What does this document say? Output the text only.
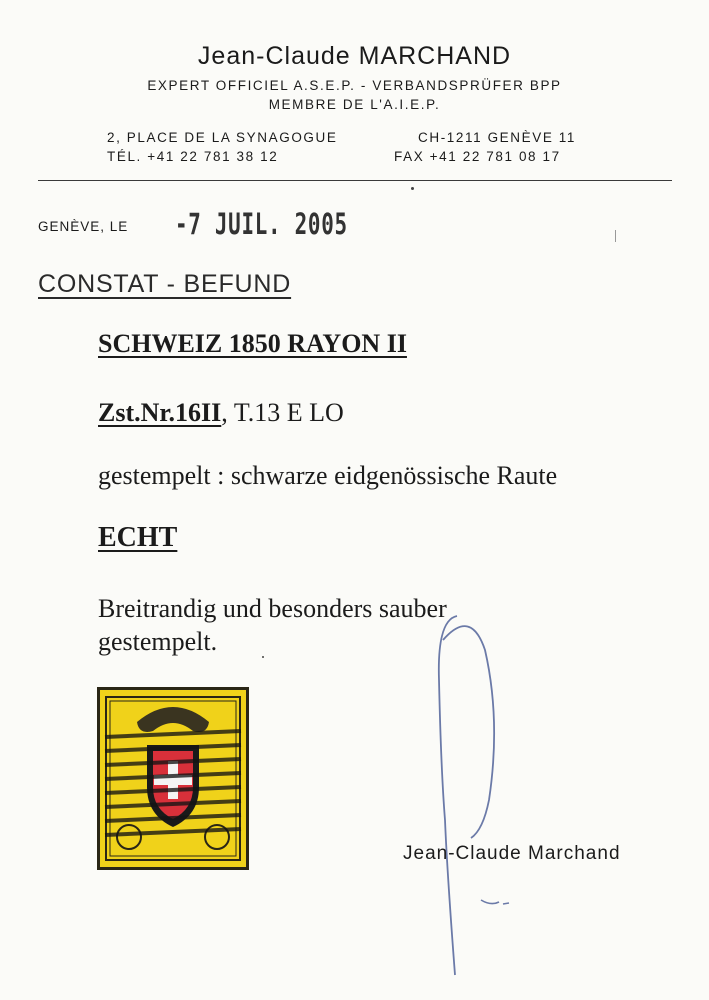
Jean-Claude MARCHAND
EXPERT OFFICIEL A.S.E.P. - VERBANDSPRÜFER BPP
MEMBRE DE L'A.I.E.P.
2, PLACE DE LA SYNAGOGUE	CH-1211 GENÈVE 11
TÉL. +41 22 781 38 12	FAX +41 22 781 08 17
GENÈVE, LE -7 JUIL. 2005
CONSTAT - BEFUND
SCHWEIZ 1850 RAYON II
Zst.Nr.16II, T.13 E LO
gestempelt : schwarze eidgenössische Raute
ECHT
Breitrandig und besonders sauber
gestempelt.
Jean-Claude Marchand
